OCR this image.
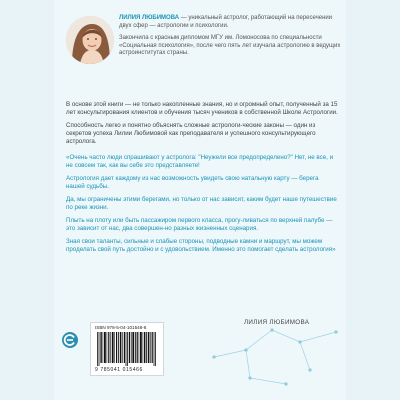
ЛИЛИЯ ЛЮБИМОВА — уникальный астролог, работающий на пересечении двух сфер — астрологии и психологии.

Закончила с красным дипломом МГУ им. Ломоносова по специальности «Социальная психология», после чего пять лет изучала астрологию в ведущих астроинститутах страны.

В основе этой книги — не только накопленные знания, но и огромный опыт, полученный за 15 лет консультирования клиентов и обучения тысяч учеников в собственной Школе Астрологии.

Способность легко и понятно объяснять сложные астрологи-ческие законы — один из секретов успеха Лилии Любимовой как преподавателя и успешного консультирующего астролога.

«Очень часто люди спрашивают у астролога: "Неужели все предопределено?" Нет, не все, и не совсем так, как вы себе это представляете!

Астрология дает каждому из нас возможность увидеть свою натальную карту — берега нашей судьбы.

Да, мы ограничены этими берегами, но только от нас зависит, каким будет наше путешествие по реке жизни.

Плыть на плоту или быть пассажиром первого класса, прогу-ливаться по верхней палубе — это зависит от нас, два совершен-но разных жизненных сценария.

Зная свои таланты, сильные и слабые стороны, подводные камни и маршрут, мы можем проделать свой путь достойно и с удовольствием. Именно это помогает сделать астрология»

ЛИЛИЯ ЛЮБИМОВА
ISBN 978-5-04-101546-6
9 785041 015466
